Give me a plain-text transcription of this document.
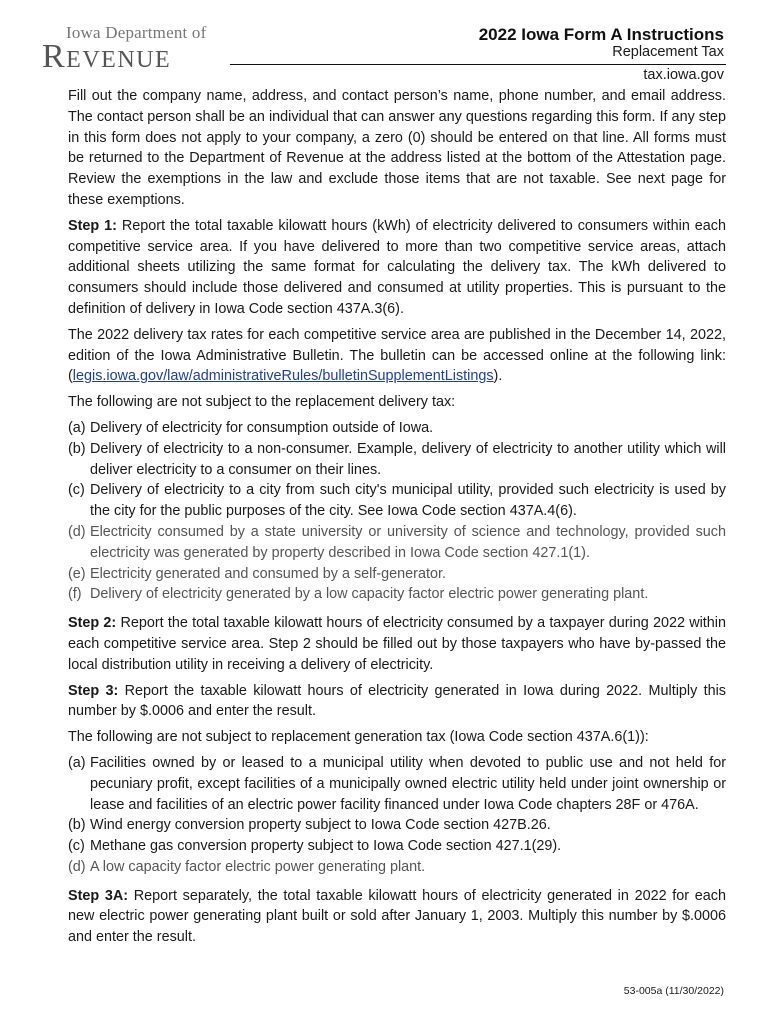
Iowa Department of
Revenue
2022 Iowa Form A Instructions
Replacement Tax
tax.iowa.gov

Fill out the company name, address, and contact person’s name, phone number, and email address. The contact person shall be an individual that can answer any questions regarding this form. If any step in this form does not apply to your company, a zero (0) should be entered on that line. All forms must be returned to the Department of Revenue at the address listed at the bottom of the Attestation page. Review the exemptions in the law and exclude those items that are not taxable. See next page for these exemptions.

Step 1: Report the total taxable kilowatt hours (kWh) of electricity delivered to consumers within each competitive service area. If you have delivered to more than two competitive service areas, attach additional sheets utilizing the same format for calculating the delivery tax. The kWh delivered to consumers should include those delivered and consumed at utility properties. This is pursuant to the definition of delivery in Iowa Code section 437A.3(6).

The 2022 delivery tax rates for each competitive service area are published in the December 14, 2022, edition of the Iowa Administrative Bulletin. The bulletin can be accessed online at the following link: (legis.iowa.gov/law/administrativeRules/bulletinSupplementListings).

The following are not subject to the replacement delivery tax:

(a) Delivery of electricity for consumption outside of Iowa.
(b) Delivery of electricity to a non-consumer. Example, delivery of electricity to another utility which will deliver electricity to a consumer on their lines.
(c) Delivery of electricity to a city from such city's municipal utility, provided such electricity is used by the city for the public purposes of the city. See Iowa Code section 437A.4(6).
(d) Electricity consumed by a state university or university of science and technology, provided such electricity was generated by property described in Iowa Code section 427.1(1).
(e) Electricity generated and consumed by a self-generator.
(f) Delivery of electricity generated by a low capacity factor electric power generating plant.

Step 2: Report the total taxable kilowatt hours of electricity consumed by a taxpayer during 2022 within each competitive service area. Step 2 should be filled out by those taxpayers who have by-passed the local distribution utility in receiving a delivery of electricity.

Step 3: Report the taxable kilowatt hours of electricity generated in Iowa during 2022. Multiply this number by $.0006 and enter the result.

The following are not subject to replacement generation tax (Iowa Code section 437A.6(1)):

(a) Facilities owned by or leased to a municipal utility when devoted to public use and not held for pecuniary profit, except facilities of a municipally owned electric utility held under joint ownership or lease and facilities of an electric power facility financed under Iowa Code chapters 28F or 476A.
(b) Wind energy conversion property subject to Iowa Code section 427B.26.
(c) Methane gas conversion property subject to Iowa Code section 427.1(29).
(d) A low capacity factor electric power generating plant.

Step 3A: Report separately, the total taxable kilowatt hours of electricity generated in 2022 for each new electric power generating plant built or sold after January 1, 2003. Multiply this number by $.0006 and enter the result.

53-005a (11/30/2022)
